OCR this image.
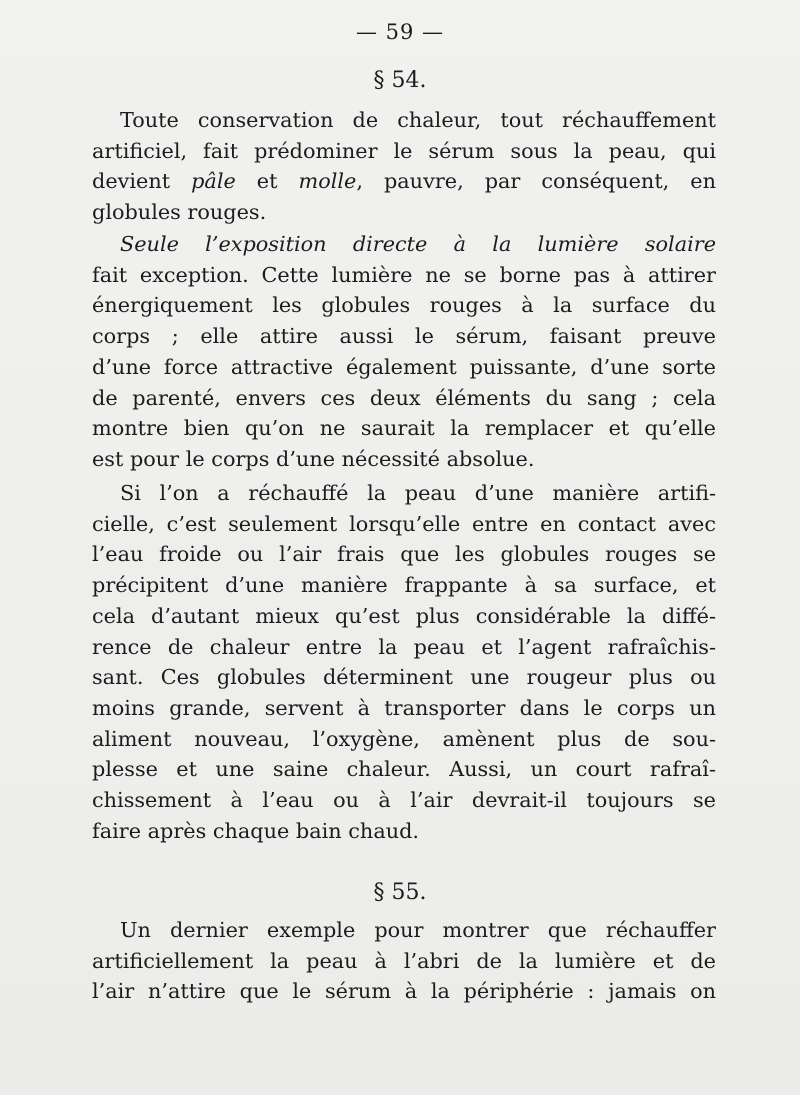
— 59 —
§ 54.

Toute conservation de chaleur, tout réchauffement
artificiel, fait prédominer le sérum sous la peau, qui
devient pâle et molle, pauvre, par conséquent, en
globules rouges.

Seule l’exposition directe à la lumière solaire
fait exception. Cette lumière ne se borne pas à attirer
énergiquement les globules rouges à la surface du
corps ; elle attire aussi le sérum, faisant preuve
d’une force attractive également puissante, d’une sorte
de parenté, envers ces deux éléments du sang ; cela
montre bien qu’on ne saurait la remplacer et qu’elle
est pour le corps d’une nécessité absolue.

Si l’on a réchauffé la peau d’une manière artifi-
cielle, c’est seulement lorsqu’elle entre en contact avec
l’eau froide ou l’air frais que les globules rouges se
précipitent d’une manière frappante à sa surface, et
cela d’autant mieux qu’est plus considérable la diffé-
rence de chaleur entre la peau et l’agent rafraîchis-
sant. Ces globules déterminent une rougeur plus ou
moins grande, servent à transporter dans le corps un
aliment nouveau, l’oxygène, amènent plus de sou-
plesse et une saine chaleur. Aussi, un court rafraî-
chissement à l’eau ou à l’air devrait-il toujours se
faire après chaque bain chaud.

§ 55.

Un dernier exemple pour montrer que réchauffer
artificiellement la peau à l’abri de la lumière et de
l’air n’attire que le sérum à la périphérie : jamais on
